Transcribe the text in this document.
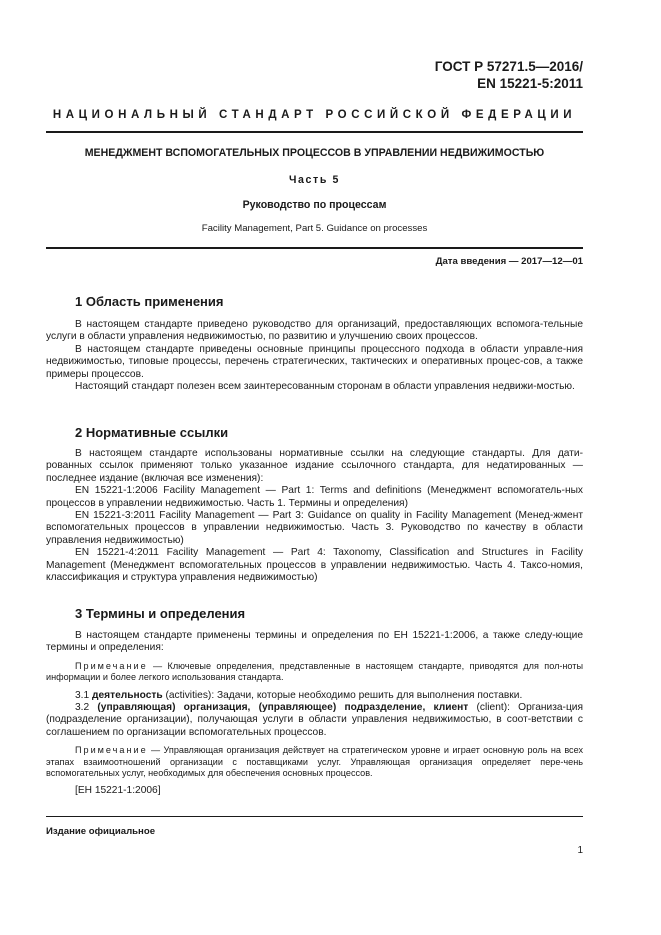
ГОСТ Р 57271.5—2016/
EN 15221-5:2011
НАЦИОНАЛЬНЫЙ СТАНДАРТ РОССИЙСКОЙ ФЕДЕРАЦИИ
МЕНЕДЖМЕНТ ВСПОМОГАТЕЛЬНЫХ ПРОЦЕССОВ В УПРАВЛЕНИИ НЕДВИЖИМОСТЬЮ
Часть 5
Руководство по процессам
Facility Management, Part 5. Guidance on processes
Дата введения — 2017—12—01
1 Область применения

В настоящем стандарте приведено руководство для организаций, предоставляющих вспомога-тельные услуги в области управления недвижимостью, по развитию и улучшению своих процессов.

В настоящем стандарте приведены основные принципы процессного подхода в области управле-ния недвижимостью, типовые процессы, перечень стратегических, тактических и оперативных процес-сов, а также примеры процессов.

Настоящий стандарт полезен всем заинтересованным сторонам в области управления недвижи-мостью.

2 Нормативные ссылки

В настоящем стандарте использованы нормативные ссылки на следующие стандарты. Для дати-рованных ссылок применяют только указанное издание ссылочного стандарта, для недатированных — последнее издание (включая все изменения):

EN 15221-1:2006 Facility Management — Part 1: Terms and definitions (Менеджмент вспомогатель-ных процессов в управлении недвижимостью. Часть 1. Термины и определения)

EN 15221-3:2011 Facility Management — Part 3: Guidance on quality in Facility Management (Менед-жмент вспомогательных процессов в управлении недвижимостью. Часть 3. Руководство по качеству в области управления недвижимостью)

EN 15221-4:2011 Facility Management — Part 4: Taxonomy, Classification and Structures in Facility Management (Менеджмент вспомогательных процессов в управлении недвижимостью. Часть 4. Таксо-номия, классификация и структура управления недвижимостью)

3 Термины и определения

В настоящем стандарте применены термины и определения по ЕН 15221-1:2006, а также следу-ющие термины и определения:

Примечание — Ключевые определения, представленные в настоящем стандарте, приводятся для пол-ноты информации и более легкого использования стандарта.

3.1 деятельность (activities): Задачи, которые необходимо решить для выполнения поставки.

3.2 (управляющая) организация, (управляющее) подразделение, клиент (client): Организа-ция (подразделение организации), получающая услуги в области управления недвижимостью, в соот-ветствии с соглашением по организации вспомогательных процессов.

Примечание — Управляющая организация действует на стратегическом уровне и играет основную роль на всех этапах взаимоотношений организации с поставщиками услуг. Управляющая организация определяет пере-чень вспомогательных услуг, необходимых для обеспечения основных процессов.

[ЕН 15221-1:2006]

Издание официальное
1
